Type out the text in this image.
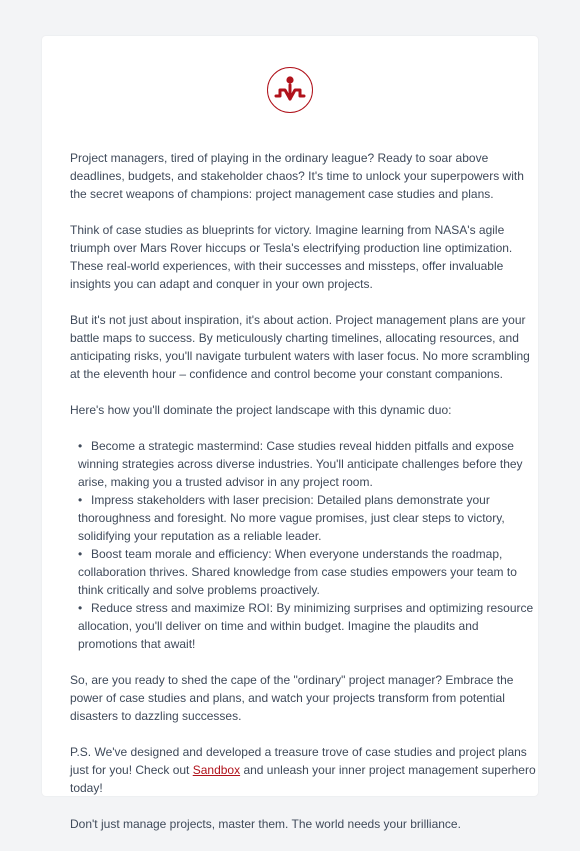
Project managers, tired of playing in the ordinary league? Ready to soar above deadlines, budgets, and stakeholder chaos? It's time to unlock your superpowers with the secret weapons of champions: project management case studies and plans.

Think of case studies as blueprints for victory. Imagine learning from NASA's agile triumph over Mars Rover hiccups or Tesla's electrifying production line optimization. These real-world experiences, with their successes and missteps, offer invaluable insights you can adapt and conquer in your own projects.

But it's not just about inspiration, it's about action. Project management plans are your battle maps to success. By meticulously charting timelines, allocating resources, and anticipating risks, you'll navigate turbulent waters with laser focus. No more scrambling at the eleventh hour – confidence and control become your constant companions.

Here's how you'll dominate the project landscape with this dynamic duo:

• Become a strategic mastermind: Case studies reveal hidden pitfalls and expose winning strategies across diverse industries. You'll anticipate challenges before they arise, making you a trusted advisor in any project room.
• Impress stakeholders with laser precision: Detailed plans demonstrate your thoroughness and foresight. No more vague promises, just clear steps to victory, solidifying your reputation as a reliable leader.
• Boost team morale and efficiency: When everyone understands the roadmap, collaboration thrives. Shared knowledge from case studies empowers your team to think critically and solve problems proactively.
• Reduce stress and maximize ROI: By minimizing surprises and optimizing resource allocation, you'll deliver on time and within budget. Imagine the plaudits and promotions that await!

So, are you ready to shed the cape of the "ordinary" project manager? Embrace the power of case studies and plans, and watch your projects transform from potential disasters to dazzling successes.

P.S. We've designed and developed a treasure trove of case studies and project plans just for you! Check out Sandbox and unleash your inner project management superhero today!

Don't just manage projects, master them. The world needs your brilliance.
